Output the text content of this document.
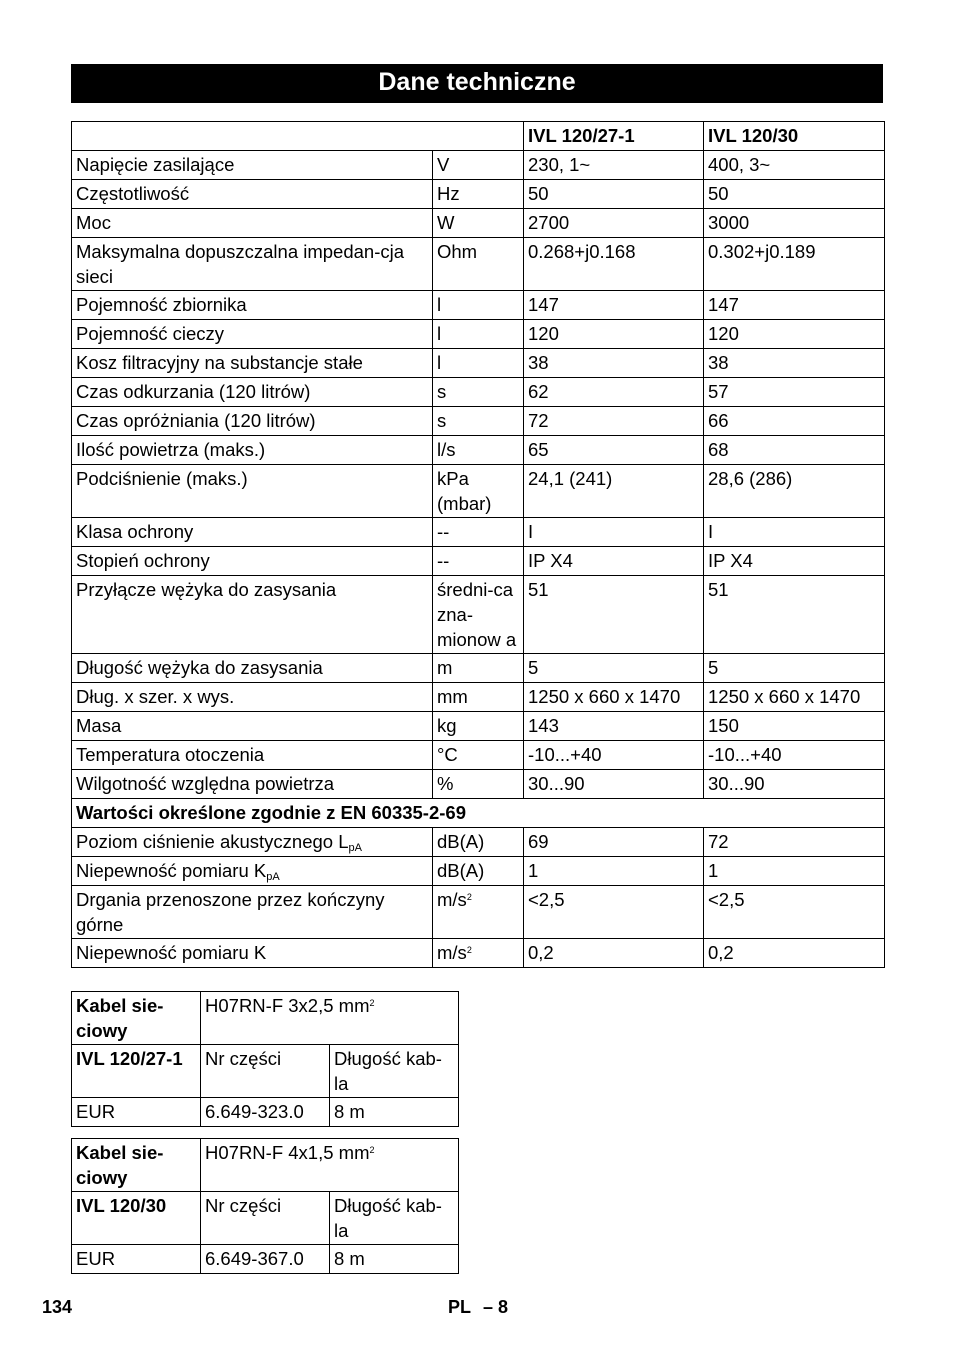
Dane techniczne
		IVL 120/27-1	IVL 120/30
Napięcie zasilające	V	230, 1~	400, 3~
Częstotliwość	Hz	50	50
Moc	W	2700	3000
Maksymalna dopuszczalna impedan-cja sieci	Ohm	0.268+j0.168	0.302+j0.189
Pojemność zbiornika	l	147	147
Pojemność cieczy	l	120	120
Kosz filtracyjny na substancje stałe	l	38	38
Czas odkurzania (120 litrów)	s	62	57
Czas opróżniania (120 litrów)	s	72	66
Ilość powietrza (maks.)	l/s	65	68
Podciśnienie (maks.)	kPa (mbar)	24,1 (241)	28,6 (286)
Klasa ochrony	--	I	I
Stopień ochrony	--	IP X4	IP X4
Przyłącze wężyka do zasysania	średni-ca zna-mionow a	51	51
Długość wężyka do zasysania	m	5	5
Dług. x szer. x wys.	mm	1250 x 660 x 1470	1250 x 660 x 1470
Masa	kg	143	150
Temperatura otoczenia	°C	-10...+40	-10...+40
Wilgotność względna powietrza	%	30...90	30...90
Wartości określone zgodnie z EN 60335-2-69			
Poziom ciśnienie akustycznego $L_{pA}$	dB(A)	69	72
Niepewność pomiaru $K_{pA}$	dB(A)	1	1
Drgania przenoszone przez kończyny górne	$m/s^2$	<2,5	<2,5
Niepewność pomiaru K	$m/s^2$	0,2	0,2
Kabel sie-ciowy	H07RN-F 3x2,5 $mm^2$
IVL 120/27-1	Nr części	Długość kab-la
EUR	6.649-323.0	8 m
Kabel sie-ciowy	H07RN-F 4x1,5 $mm^2$
IVL 120/30	Nr części	Długość kab-la
EUR	6.649-367.0	8 m
134	PL – 8
